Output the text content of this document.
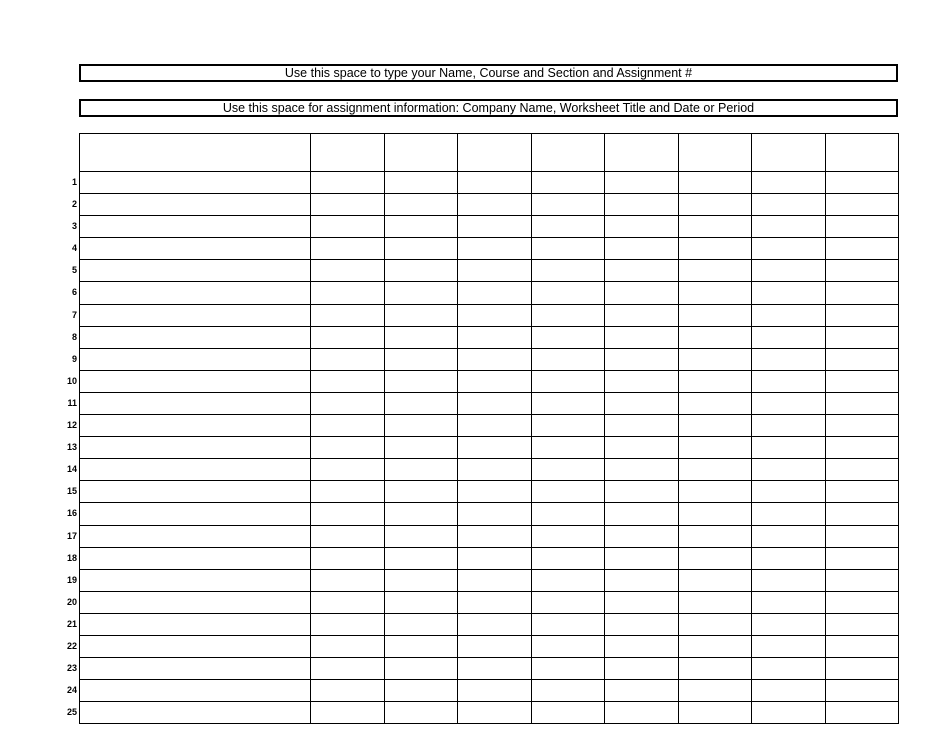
Use this space to type your Name, Course and Section and Assignment #
Use this space for assignment information: Company Name, Worksheet Title and Date or Period
1
2
3
4
5
6
7
8
9
10
11
12
13
14
15
16
17
18
19
20
21
22
23
24
25
